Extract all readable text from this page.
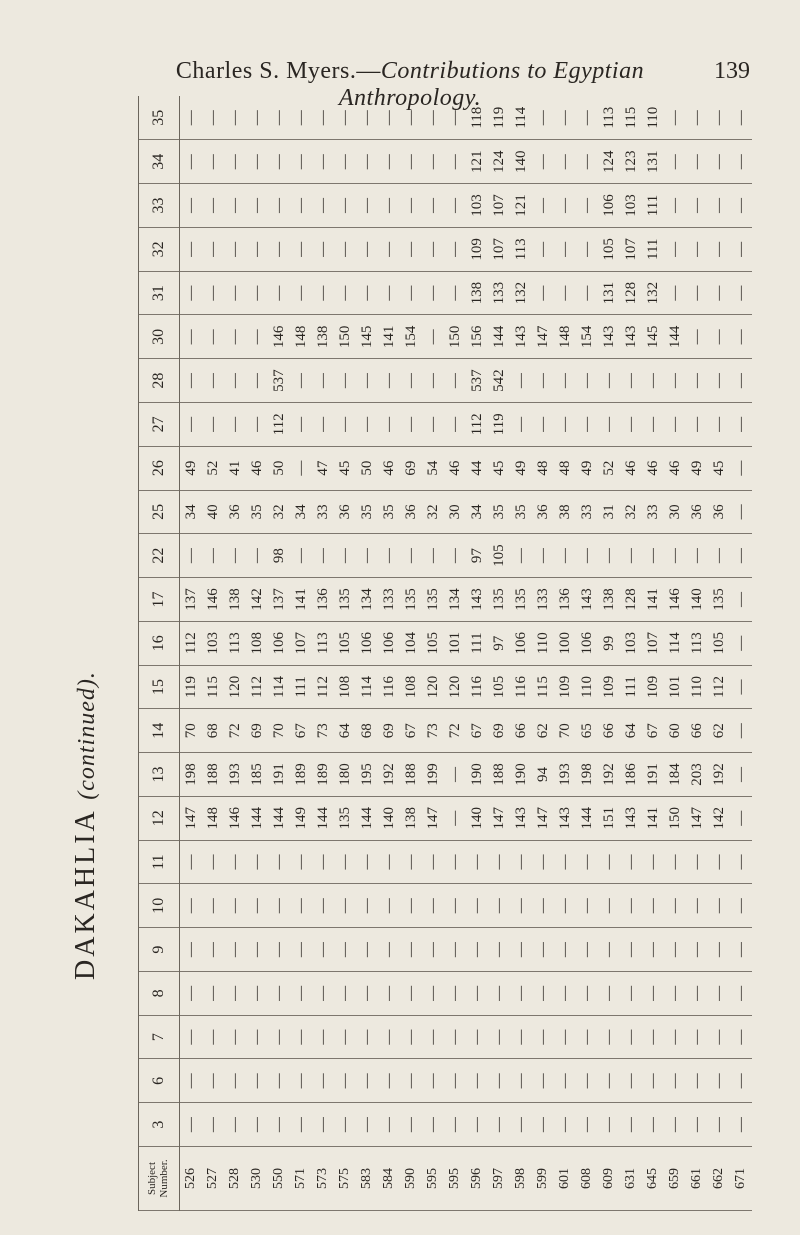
Charles S. Myers.—Contributions to Egyptian Anthropology.
139
DAKAHLIA (continued).
Subject Number.	3	6	7	8	9	10	11	12	13	14	15	16	17	22	25	26	27	28	30	31	32	33	34	35
526	—	—	—	—	—	—	—	147	198	70	119	112	137	—	34	49	—	—	—	—	—	—	—	—
527	—	—	—	—	—	—	—	148	188	68	115	103	146	—	40	52	—	—	—	—	—	—	—	—
528	—	—	—	—	—	—	—	146	193	72	120	113	138	—	36	41	—	—	—	—	—	—	—	—
530	—	—	—	—	—	—	—	144	185	69	112	108	142	—	35	46	—	—	—	—	—	—	—	—
550	—	—	—	—	—	—	—	144	191	70	114	106	137	98	32	50	112	537	146	—	—	—	—	—
571	—	—	—	—	—	—	—	149	189	67	111	107	141	—	34	—	—	—	148	—	—	—	—	—
573	—	—	—	—	—	—	—	144	189	73	112	113	136	—	33	47	—	—	138	—	—	—	—	—
575	—	—	—	—	—	—	—	135	180	64	108	105	135	—	36	45	—	—	150	—	—	—	—	—
583	—	—	—	—	—	—	—	144	195	68	114	106	134	—	35	50	—	—	145	—	—	—	—	—
584	—	—	—	—	—	—	—	140	192	69	116	106	133	—	35	46	—	—	141	—	—	—	—	—
590	—	—	—	—	—	—	—	138	188	67	108	104	135	—	36	69	—	—	154	—	—	—	—	—
595	—	—	—	—	—	—	—	147	199	73	120	105	135	—	32	54	—	—	—	—	—	—	—	—
595	—	—	—	—	—	—	—	—	—	72	120	101	134	—	30	46	—	—	150	—	—	—	—	—
596	—	—	—	—	—	—	—	140	190	67	116	111	143	97	34	44	112	537	156	138	109	103	121	118
597	—	—	—	—	—	—	—	147	188	69	105	97	135	105	35	45	119	542	144	133	107	107	124	119
598	—	—	—	—	—	—	—	143	190	66	116	106	135	—	35	49	—	—	143	132	113	121	140	114
599	—	—	—	—	—	—	—	147	94	62	115	110	133	—	36	48	—	—	147	—	—	—	—	—
601	—	—	—	—	—	—	—	143	193	70	109	100	136	—	38	48	—	—	148	—	—	—	—	—
608	—	—	—	—	—	—	—	144	198	65	110	106	143	—	33	49	—	—	154	—	—	—	—	—
609	—	—	—	—	—	—	—	151	192	66	109	99	138	—	31	52	—	—	143	131	105	106	124	113
631	—	—	—	—	—	—	—	143	186	64	111	103	128	—	32	46	—	—	143	128	107	103	123	115
645	—	—	—	—	—	—	—	141	191	67	109	107	141	—	33	46	—	—	145	132	111	111	131	110
659	—	—	—	—	—	—	—	150	184	60	101	114	146	—	30	46	—	—	144	—	—	—	—	—
661	—	—	—	—	—	—	—	147	203	66	110	113	140	—	36	49	—	—	—	—	—	—	—	—
662	—	—	—	—	—	—	—	142	192	62	112	105	135	—	36	45	—	—	—	—	—	—	—	—
671	—	—	—	—	—	—	—	—	—	—	—	—	—	—	—	—	—	—	—	—	—	—	—	—
